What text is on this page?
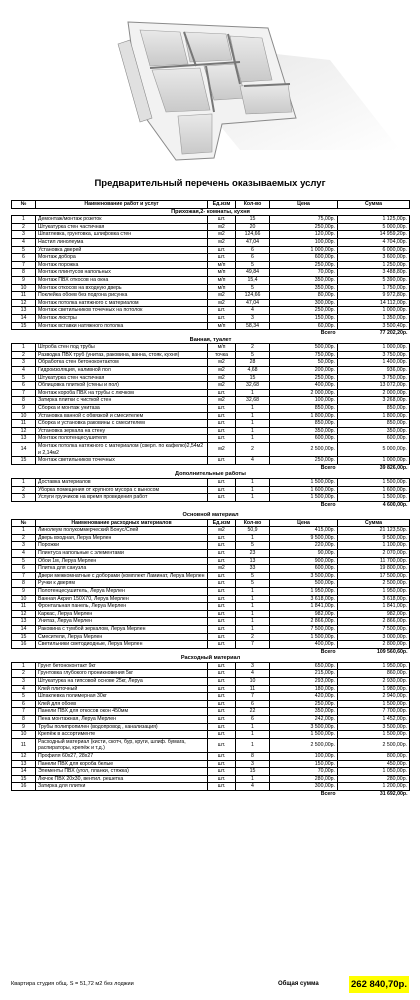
Предварительный перечень оказываемых услуг
№	Наименование работ и услуг	Ед.изм	Кол-во	Цена	Сумма
Прихожая,2- комнаты, кухня					
1	Демонтаж/монтаж розеток	шт.	15	75,00р.	1 125,00р.
2	Штукатурка стен частичная	м2	20	250,00р.	5 000,00р.
3	Шпатлевка, грунтовка, шлифовка стен	м2	124,66	120,00р.	14 959,20р.
4	Настил линолеума	м2	47,04	100,00р.	4 704,00р.
5	Установка дверей	шт.	6	1 000,00р.	6 000,00р.
6	Монтаж добора	шт.	6	600,00р.	3 600,00р.
7	Монтаж порожка	м/п	5	250,00р.	1 250,00р.
8	Монтаж плинтусов напольных	м/п	49,84	70,00р.	3 488,80р.
9	Монтаж ПВХ откосов на окна	м/п	15,4	350,00р.	5 390,00р.
10	Монтаж откосов на входную дверь	м/п	5	350,00р.	1 750,00р.
11	Поклейка обоев без подгона рисунка	м2	124,66	80,00р.	9 972,80р.
12	Монтаж потолка натяжного с материалом	м2	47,04	300,00р.	14 112,00р.
13	Монтаж светильников точечных на потолок	шт.	4	250,00р.	1 000,00р.
14	Монтаж люстры	шт.	3	150,00р.	1 350,00р.
15	Монтаж вставки натяжного потолка	м/п	58,34	60,00р.	3 500,40р.
				Всего	77 202,20р.
Ванная, туалет					
1	Штроба стен под трубы	м/п	2	500,00р.	1 000,00р.
2	Разводка ПВХ труб (унитаз, раковина, ванна, стояк, кухня)	точка	5	750,00р.	3 750,00р.
3	Обработка стен бетоноконтактом	м2	28	50,00р.	1 400,00р.
4	Гидроизоляция, наливной пол	м2	4,68	200,00р.	936,00р.
5	Штукатурка стен частичная	м2	15	250,00р.	3 750,00р.
6	Облицовка плиткой (стены и пол)	м2	32,68	400,00р.	13 072,00р.
7	Монтаж короба ПВХ на трубы с лючком	шт.	1	2 000,00р.	2 000,00р.
8	Затирка плитки с чисткой стен	м2	32,68	100,00р.	3 268,00р.
9	Сборка и монтаж унитаза	шт.	1	850,00р.	850,00р.
10	Установка ванной с обвязкой и смесителем	шт.	1	1 800,00р.	1 800,00р.
11	Сборка и установка раковины с смесителем	шт.	1	850,00р.	850,00р.
12	Установка зеркала на стену	шт.	1	350,00р.	350,00р.
13	Монтаж полотенцесушителя	шт.	1	600,00р.	600,00р.
14	Монтаж потолка натяжного с материалом (сверл. по кафелю)2,54м2 и 2,14м2	м2	2	2 500,00р.	5 000,00р.
15	Монтаж светильников точечных	шт.	4	250,00р.	1 000,00р.
				Всего	39 826,00р.
Дополнительные работы					
1	Доставка материалов	шт.	1	1 500,00р.	1 500,00р.
2	Уборка помещения от крупного мусора с выносом	шт.	1	1 600,00р.	1 600,00р.
3	Услуги грузчиков на время проведения работ	шт.	1	1 500,00р.	1 500,00р.
				Всего	4 600,00р.
Основной материал					
№	Наименование расходных материалов	Ед.изм	Кол-во	Цена	Сумма
1	Линолеум полукоммерческий Бонус/Спей	м2	50,9	415,00р.	21 123,50р.
2	Дверь входная, Леруа Мерлен	шт.	1	9 500,00р.	9 500,00р.
3	Порожки	шт.	5	220,00р.	1 100,00р.
4	Плинтуса напольные с элементами	шт.	23	90,00р.	2 070,00р.
5	Обои 1м, Леруа Мерлен	шт.	13	900,00р.	11 700,00р.
6	Плитка для санузла	м2	33	600,00р.	19 800,00р.
7	Двери межкомнатные с доборами (комплект Ламинат, Леруа Мерлен	шт.	5	3 500,00р.	17 500,00р.
8	Ручки к дверям	шт.	5	500,00р.	2 500,00р.
9	Полотенцесушитель, Леруа Мерлен	шт.	1	1 950,00р.	1 950,00р.
10	Ванная Акрил 150Х70, Леруа Мерлен	шт.	1	3 618,00р.	3 618,00р.
11	Фронтальная панель, Леруа Мерлен	шт.	1	1 841,00р.	1 841,00р.
12	Каркас, Леруа Мерлен	шт.	1	982,00р.	982,00р.
13	Унитаз, Леруа Мерлен	шт.	1	2 866,00р.	2 866,00р.
14	Раковина с тумбой зеркалом, Леруа Мерлен	шт.	1	7 500,00р.	7 500,00р.
15	Смесители, Леруа Мерлен	шт.	2	1 500,00р.	3 000,00р.
16	Светильники светодиодные, Леруа Мерлен	шт.	7	400,00р.	2 800,00р.
				Всего	109 560,60р.
Расходный материал					
1	Грунт бетоноконтакт 9кг	шт.	3	650,00р.	1 950,00р.
2	Грунтовка глубокого проникновения 5кг	шт.	4	215,00р.	860,00р.
3	Штукатурка на гипсовой основе 25кг, Леруа	шт.	10	293,00р.	2 930,00р.
4	Клей плиточный	шт.	11	180,00р.	1 980,00р.
5	Шпаклевка полимерная 30кг	шт.	7	420,00р.	2 940,00р.
6	Клей для обоев	шт.	6	250,00р.	1 500,00р.
7	Панели ПВХ для откосов окон 450мм	шт.	22	350,00р.	7 700,00р.
8	Пена монтажная, Леруа Мерлен	шт.	6	242,00р.	1 452,00р.
9	Трубы полипропилен (водопровод , канализация)	шт.	1	3 500,00р.	3 500,00р.
10	Крепёж в ассортименте	шт.	1	1 500,00р.	1 500,00р.
11	Расходный материал (кисти, скотч, бур, круги, шлиф. бумага, распираторы, крепёж и т.д.)	шт.	1	2 500,00р.	2 500,00р.
12	Профиля 60х27, 28х27	шт.	8	100,00р.	800,00р.
13	Панели ПВХ для короба белые	шт.	3	150,00р.	450,00р.
14	Элементы ПВХ (угол, планки, стяжка)	шт.	15	70,00р.	1 050,00р.
15	Лючок ПВХ 20х30, вентил. решетка	шт.	1	280,00р.	280,00р.
16	Затирка для плитки	шт.	4	300,00р.	1 200,00р.
				Всего	31 692,00р.
Квартира студия общ. S = 51,72 м2 без лоджии	Общая сумма	262 840,70р.
